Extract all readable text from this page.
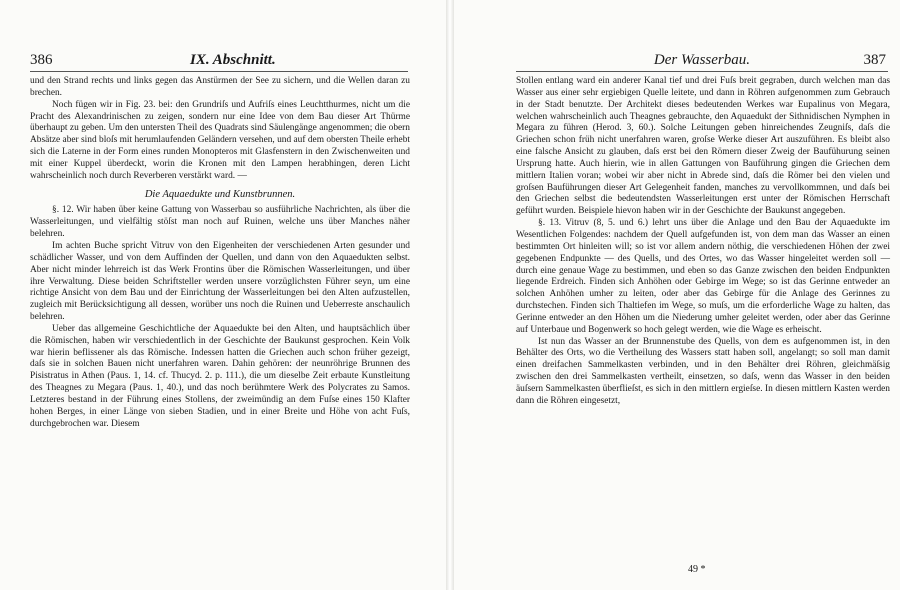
386	IX. Abschnitt.

und den Strand rechts und links gegen das Anstürmen der See zu sichern, und die Wellen daran zu brechen.

Noch fügen wir in Fig. 23. bei: den Grundriſs und Aufriſs eines Leuchtthurmes, nicht um die Pracht des Alexandrinischen zu zeigen, sondern nur eine Idee von dem Bau dieser Art Thürme überhaupt zu geben. Um den untersten Theil des Quadrats sind Säulengänge angenommen; die obern Absätze aber sind bloſs mit herumlaufenden Geländern versehen, und auf dem obersten Theile erhebt sich die Laterne in der Form eines runden Monopteros mit Glasfenstern in den Zwischenweiten und mit einer Kuppel überdeckt, worin die Kronen mit den Lampen herabhingen, deren Licht wahrscheinlich noch durch Reverberen verstärkt ward. —

Die Aquaedukte und Kunstbrunnen.

§. 12. Wir haben über keine Gattung von Wasserbau so ausführliche Nachrichten, als über die Wasserleitungen, und vielfältig stöſst man noch auf Ruinen, welche uns über Manches näher belehren.

Im achten Buche spricht Vitruv von den Eigenheiten der verschiedenen Arten gesunder und schädlicher Wasser, und von dem Auffinden der Quellen, und dann von den Aquaedukten selbst. Aber nicht minder lehrreich ist das Werk Frontins über die Römischen Wasserleitungen, und über ihre Verwaltung. Diese beiden Schriftsteller werden unsere vorzüglichsten Führer seyn, um eine richtige Ansicht von dem Bau und der Einrichtung der Wasserleitungen bei den Alten aufzustellen, zugleich mit Berücksichtigung all dessen, worüber uns noch die Ruinen und Ueberreste anschaulich belehren.

Ueber das allgemeine Geschichtliche der Aquaedukte bei den Alten, und hauptsächlich über die Römischen, haben wir verschiedentlich in der Geschichte der Baukunst gesprochen. Kein Volk war hierin beflissener als das Römische. Indessen hatten die Griechen auch schon früher gezeigt, daſs sie in solchen Bauen nicht unerfahren waren. Dahin gehören: der neunröhrige Brunnen des Pisistratus in Athen (Paus. 1, 14. cf. Thucyd. 2. p. 111.), die um dieselbe Zeit erbaute Kunstleitung des Theagnes zu Megara (Paus. 1, 40.), und das noch berühmtere Werk des Polycrates zu Samos. Letzteres bestand in der Führung eines Stollens, der zweimündig an dem Fuſse eines 150 Klafter hohen Berges, in einer Länge von sieben Stadien, und in einer Breite und Höhe von acht Fuſs, durchgebrochen war. Diesem

Der Wasserbau.	387

Stollen entlang ward ein anderer Kanal tief und drei Fuſs breit gegraben, durch welchen man das Wasser aus einer sehr ergiebigen Quelle leitete, und dann in Röhren aufgenommen zum Gebrauch in der Stadt benutzte. Der Architekt dieses bedeutenden Werkes war Eupalinus von Megara, welchen wahrscheinlich auch Theagnes gebrauchte, den Aquaedukt der Sithnidischen Nymphen in Megara zu führen (Herod. 3, 60.). Solche Leitungen geben hinreichendes Zeugniſs, daſs die Griechen schon früh nicht unerfahren waren, groſse Werke dieser Art auszuführen. Es bleibt also eine falsche Ansicht zu glauben, daſs erst bei den Römern dieser Zweig der Baufühurung seinen Ursprung hatte. Auch hierin, wie in allen Gattungen von Bauführung gingen die Griechen dem mittlern Italien voran; wobei wir aber nicht in Abrede sind, daſs die Römer bei den vielen und groſsen Bauführungen dieser Art Gelegenheit fanden, manches zu vervollkommnen, und daſs bei den Griechen selbst die bedeutendsten Wasserleitungen erst unter der Römischen Herrschaft geführt wurden. Beispiele hievon haben wir in der Geschichte der Baukunst angegeben.

§. 13. Vitruv (8, 5. und 6.) lehrt uns über die Anlage und den Bau der Aquaedukte im Wesentlichen Folgendes: nachdem der Quell aufgefunden ist, von dem man das Wasser an einen bestimmten Ort hinleiten will; so ist vor allem andern nöthig, die verschiedenen Höhen der zwei gegebenen Endpunkte — des Quells, und des Ortes, wo das Wasser hingeleitet werden soll — durch eine genaue Wage zu bestimmen, und eben so das Ganze zwischen den beiden Endpunkten liegende Erdreich. Finden sich Anhöhen oder Gebirge im Wege; so ist das Gerinne entweder an solchen Anhöhen umher zu leiten, oder aber das Gebirge für die Anlage des Gerinnes zu durchstechen. Finden sich Thaltiefen im Wege, so muſs, um die erforderliche Wage zu halten, das Gerinne entweder an den Höhen um die Niederung umher geleitet werden, oder aber das Gerinne auf Unterbaue und Bogenwerk so hoch gelegt werden, wie die Wage es erheischt.

Ist nun das Wasser an der Brunnenstube des Quells, von dem es aufgenommen ist, in den Behälter des Orts, wo die Vertheilung des Wassers statt haben soll, angelangt; so soll man damit einen dreifachen Sammelkasten verbinden, und in den Behälter drei Röhren, gleichmäſsig zwischen den drei Sammelkasten vertheilt, einsetzen, so daſs, wenn das Wasser in den beiden äuſsern Sammelkasten überflieſst, es sich in den mittlern ergieſse. In diesen mittlern Kasten werden dann die Röhren eingesetzt,

49 *
